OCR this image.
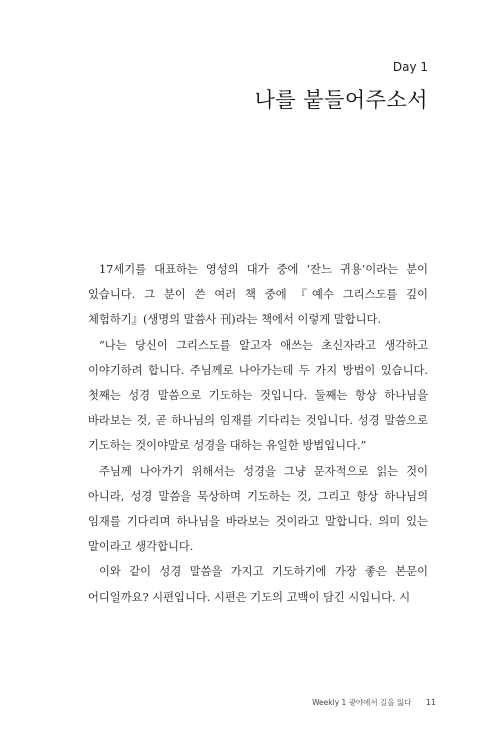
Day 1
나를 붙들어주소서

17세기를 대표하는 영성의 대가 중에 ‘잔느 귀용’이라는 분이 있습니다. 그 분이 쓴 여러 책 중에 『예수 그리스도를 깊이 체험하기』(생명의 말씀사 刊)라는 책에서 이렇게 말합니다.

“나는 당신이 그리스도를 알고자 애쓰는 초신자라고 생각하고 이야기하려 합니다. 주님께로 나아가는데 두 가지 방법이 있습니다. 첫째는 성경 말씀으로 기도하는 것입니다. 둘째는 항상 하나님을 바라보는 것, 곧 하나님의 임재를 기다리는 것입니다. 성경 말씀으로 기도하는 것이야말로 성경을 대하는 유일한 방법입니다.”

주님께 나아가기 위해서는 성경을 그냥 문자적으로 읽는 것이 아니라, 성경 말씀을 묵상하며 기도하는 것, 그리고 항상 하나님의 임재를 기다리며 하나님을 바라보는 것이라고 말합니다. 의미 있는 말이라고 생각합니다.

이와 같이 성경 말씀을 가지고 기도하기에 가장 좋은 본문이 어디일까요? 시편입니다. 시편은 기도의 고백이 담긴 시입니다. 시

Weekly 1 광야에서 길을 잃다 11
